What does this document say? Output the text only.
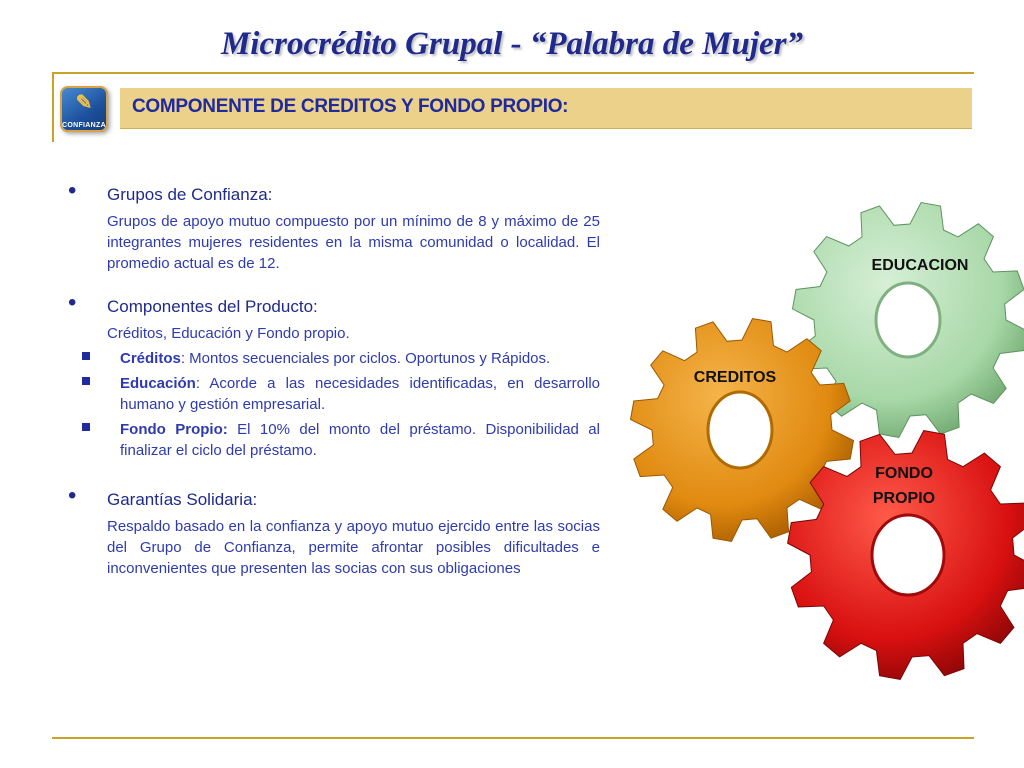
Microcrédito Grupal - “Palabra de Mujer”
✎
CONFIANZA
COMPONENTE DE CREDITOS Y FONDO PROPIO:
• Grupos de Confianza:

Grupos de apoyo mutuo compuesto por un mínimo de 8 y máximo de 25 integrantes mujeres residentes en la misma comunidad o localidad. El promedio actual es de 12.

• Componentes del Producto:

Créditos, Educación y Fondo propio.

Créditos: Montos secuenciales por ciclos. Oportunos y Rápidos.
Educación: Acorde a las necesidades identificadas, en desarrollo humano y gestión empresarial.
Fondo Propio: El 10% del monto del préstamo. Disponibilidad al finalizar el ciclo del préstamo.
• Garantías Solidaria:

Respaldo basado en la confianza y apoyo mutuo ejercido entre las socias del Grupo de Confianza, permite afrontar posibles dificultades e inconvenientes que presenten las socias con sus obligaciones

EDUCACION
CREDITOS
FONDO
PROPIO
